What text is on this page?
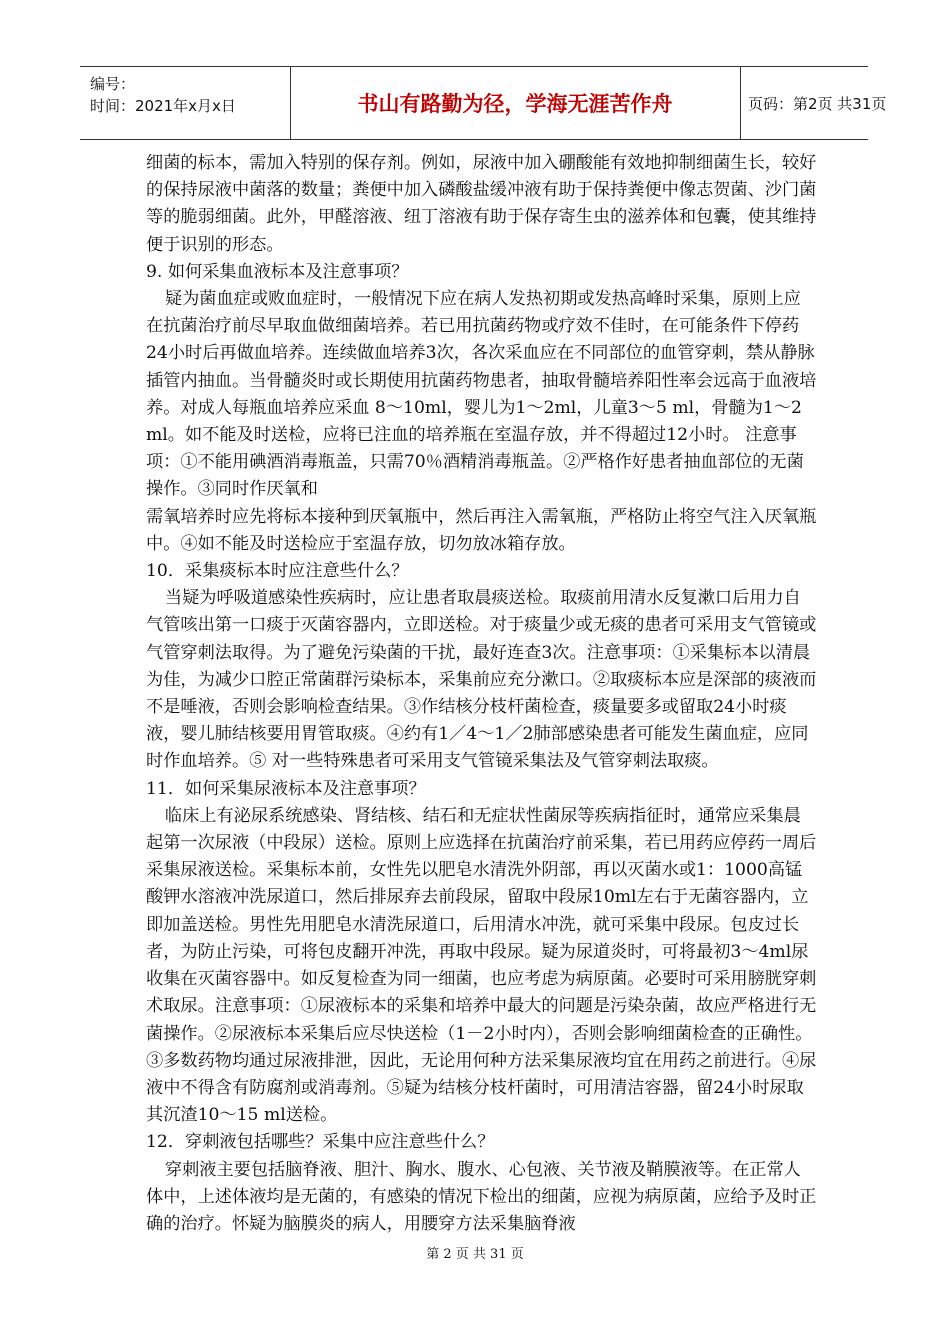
编号：
时间：2021年x月x日	书山有路勤为径，学海无涯苦作舟	页码：第2页 共31页

细菌的标本，需加入特别的保存剂。例如，尿液中加入硼酸能有效地抑制细菌生长，较好的保持尿液中菌落的数量；粪便中加入磷酸盐缓冲液有助于保持粪便中像志贺菌、沙门菌等的脆弱细菌。此外，甲醛溶液、纽丁溶液有助于保存寄生虫的滋养体和包囊，使其维持便于识别的形态。

9. 如何采集血液标本及注意事项？

疑为菌血症或败血症时，一般情况下应在病人发热初期或发热高峰时采集，原则上应在抗菌治疗前尽早取血做细菌培养。若已用抗菌药物或疗效不佳时，在可能条件下停药24小时后再做血培养。连续做血培养3次，各次采血应在不同部位的血管穿刺，禁从静脉插管内抽血。当骨髓炎时或长期使用抗菌药物患者，抽取骨髓培养阳性率会远高于血液培养。对成人每瓶血培养应采血 8～10ml，婴儿为1～2ml，儿童3～5 ml，骨髓为1～2 ml。如不能及时送检，应将已注血的培养瓶在室温存放，并不得超过12小时。 注意事项：①不能用碘酒消毒瓶盖，只需70％酒精消毒瓶盖。②严格作好患者抽血部位的无菌操作。③同时作厌氧和

需氧培养时应先将标本接种到厌氧瓶中，然后再注入需氧瓶，严格防止将空气注入厌氧瓶中。④如不能及时送检应于室温存放，切勿放冰箱存放。

10．采集痰标本时应注意些什么？

当疑为呼吸道感染性疾病时，应让患者取晨痰送检。取痰前用清水反复漱口后用力自气管咳出第一口痰于灭菌容器内，立即送检。对于痰量少或无痰的患者可采用支气管镜或气管穿刺法取得。为了避免污染菌的干扰，最好连查3次。注意事项：①采集标本以清晨为佳，为减少口腔正常菌群污染标本，采集前应充分漱口。②取痰标本应是深部的痰液而不是唾液，否则会影响检查结果。③作结核分枝杆菌检查，痰量要多或留取24小时痰液，婴儿肺结核要用胃管取痰。④约有1／4～1／2肺部感染患者可能发生菌血症，应同时作血培养。⑤ 对一些特殊患者可采用支气管镜采集法及气管穿刺法取痰。

11．如何采集尿液标本及注意事项？

临床上有泌尿系统感染、肾结核、结石和无症状性菌尿等疾病指征时，通常应采集晨起第一次尿液（中段尿）送检。原则上应选择在抗菌治疗前采集，若已用药应停药一周后采集尿液送检。采集标本前，女性先以肥皂水清洗外阴部，再以灭菌水或1：1000高锰酸钾水溶液冲洗尿道口，然后排尿弃去前段尿，留取中段尿10ml左右于无菌容器内，立即加盖送检。男性先用肥皂水清洗尿道口，后用清水冲洗，就可采集中段尿。包皮过长者，为防止污染，可将包皮翻开冲洗，再取中段尿。疑为尿道炎时，可将最初3～4ml尿收集在灭菌容器中。如反复检查为同一细菌，也应考虑为病原菌。必要时可采用膀胱穿刺术取尿。注意事项：①尿液标本的采集和培养中最大的问题是污染杂菌，故应严格进行无菌操作。②尿液标本采集后应尽快送检（1－2小时内），否则会影响细菌检查的正确性。③多数药物均通过尿液排泄，因此，无论用何种方法采集尿液均宜在用药之前进行。④尿液中不得含有防腐剂或消毒剂。⑤疑为结核分枝杆菌时，可用清洁容器，留24小时尿取其沉渣10～15 ml送检。

12．穿刺液包括哪些？采集中应注意些什么？

穿刺液主要包括脑脊液、胆汁、胸水、腹水、心包液、关节液及鞘膜液等。在正常人体中，上述体液均是无菌的，有感染的情况下检出的细菌，应视为病原菌，应给予及时正确的治疗。怀疑为脑膜炎的病人，用腰穿方法采集脑脊液

第 2 页 共 31 页
